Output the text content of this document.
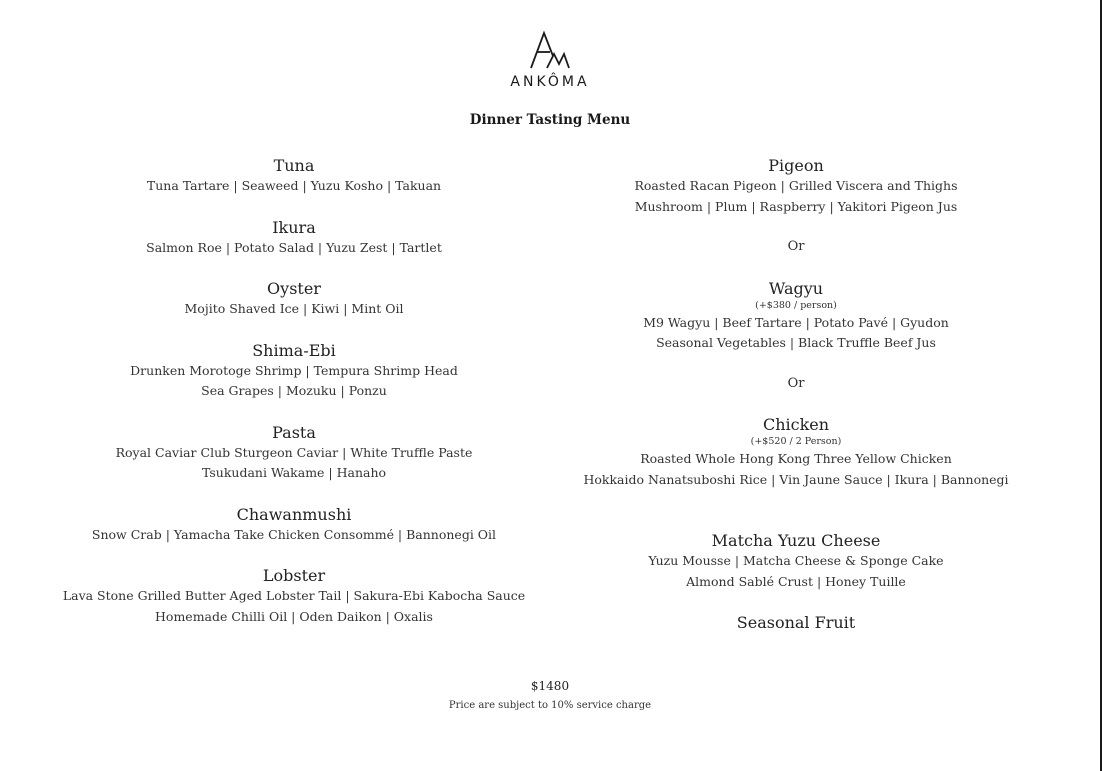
ANKÔMA
Dinner Tasting Menu
Tuna
Tuna Tartare | Seaweed | Yuzu Kosho | Takuan
Ikura
Salmon Roe | Potato Salad | Yuzu Zest | Tartlet
Oyster
Mojito Shaved Ice | Kiwi | Mint Oil
Shima-Ebi
Drunken Morotoge Shrimp | Tempura Shrimp Head
Sea Grapes | Mozuku | Ponzu
Pasta
Royal Caviar Club Sturgeon Caviar | White Truffle Paste
Tsukudani Wakame | Hanaho
Chawanmushi
Snow Crab | Yamacha Take Chicken Consommé | Bannonegi Oil
Lobster
Lava Stone Grilled Butter Aged Lobster Tail | Sakura-Ebi Kabocha Sauce
Homemade Chilli Oil | Oden Daikon | Oxalis
Pigeon
Roasted Racan Pigeon | Grilled Viscera and Thighs
Mushroom | Plum | Raspberry | Yakitori Pigeon Jus
Or
Wagyu
(+$380 / person)
M9 Wagyu | Beef Tartare | Potato Pavé | Gyudon
Seasonal Vegetables | Black Truffle Beef Jus
Or
Chicken
(+$520 / 2 Person)
Roasted Whole Hong Kong Three Yellow Chicken
Hokkaido Nanatsuboshi Rice | Vin Jaune Sauce | Ikura | Bannonegi
Matcha Yuzu Cheese
Yuzu Mousse | Matcha Cheese & Sponge Cake
Almond Sablé Crust | Honey Tuille
Seasonal Fruit
$1480
Price are subject to 10% service charge
